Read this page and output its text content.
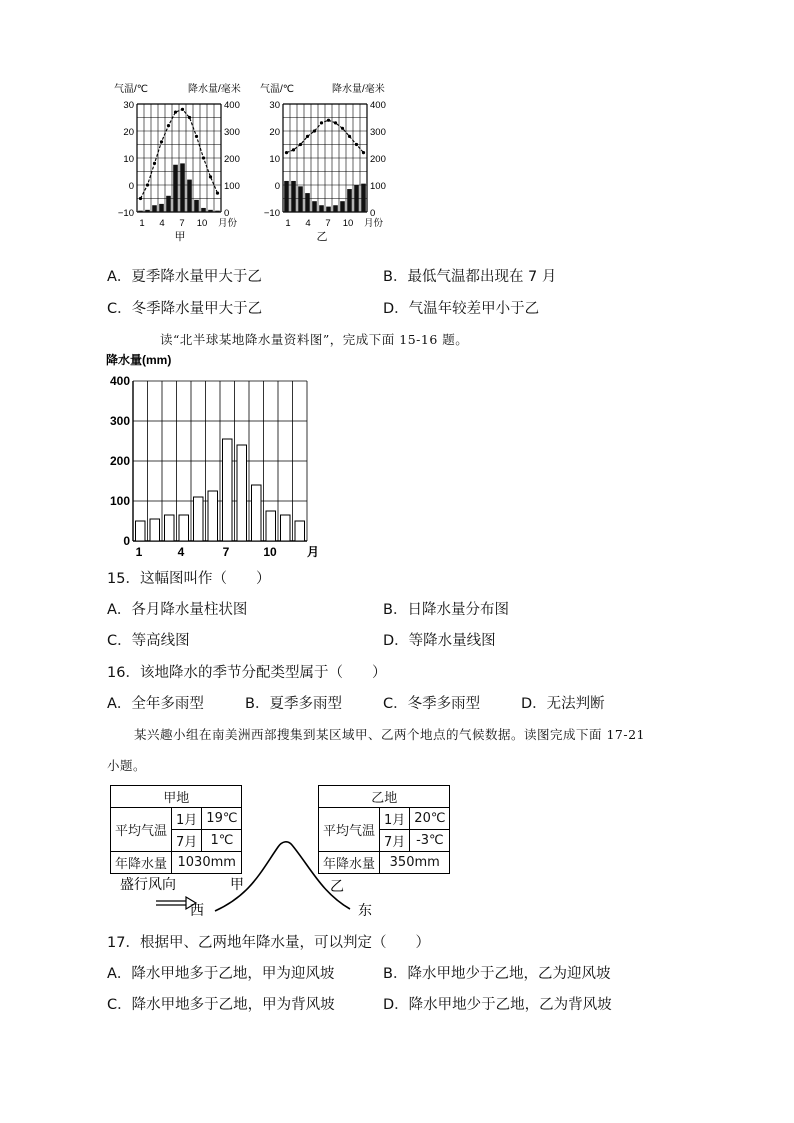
气温/℃	降水量/毫米 气温/℃	降水量/毫米
30
20
10
0
−10
30
20
10
0
−10
400
300
200
100
0
400
300
200
100
0
1 4 7 10	1 4 7 10
月份	月份
甲	乙
A．夏季降水量甲大于乙	B．最低气温都出现在 7 月
C．冬季降水量甲大于乙	D．气温年较差甲小于乙
读“北半球某地降水量资料图”，完成下面 15-16 题。
降水量(mm)
400
300
200
100
0
1	4	7	10	月
15．这幅图叫作（　　）
A．各月降水量柱状图	B．日降水量分布图
C．等高线图	D．等降水量线图
16．该地降水的季节分配类型属于（　　）
A．全年多雨型	B．夏季多雨型	C．冬季多雨型	D．无法判断
某兴趣小组在南美洲西部搜集到某区域甲、乙两个地点的气候数据。读图完成下面 17-21
小题。
甲地		
平均气温	1月	19℃
	7月	1℃
年降水量	1030mm	
乙地		
平均气温	1月	20℃
	7月	-3℃
年降水量	350mm	
盛行风向
西	东
甲	乙
17．根据甲、乙两地年降水量，可以判定（　　）
A．降水甲地多于乙地，甲为迎风坡	B．降水甲地少于乙地，乙为迎风坡
C．降水甲地多于乙地，甲为背风坡	D．降水甲地少于乙地，乙为背风坡
